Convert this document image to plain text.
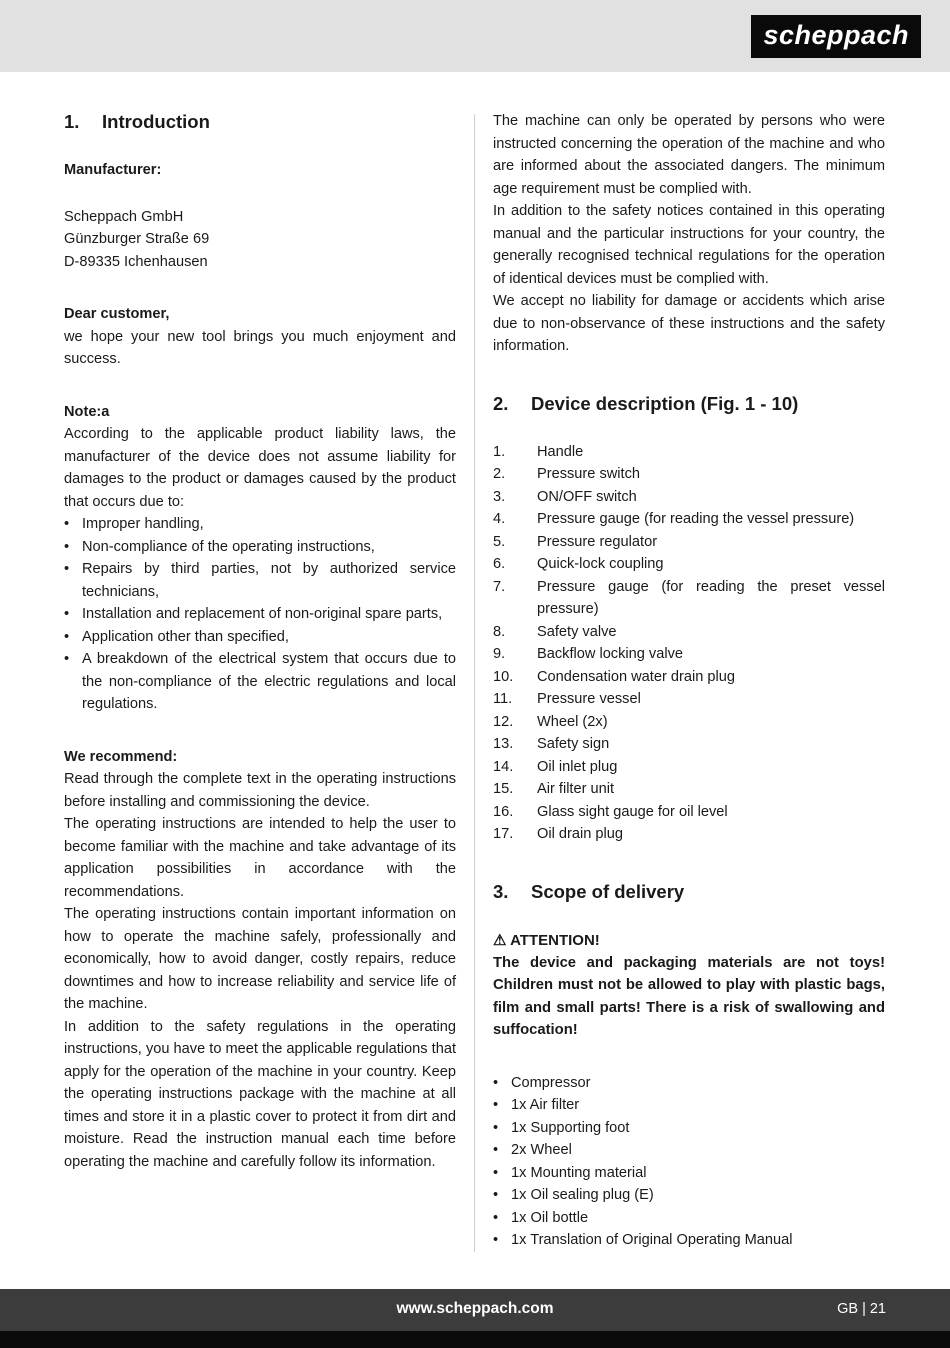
scheppach
1.	Introduction

Manufacturer:

Scheppach GmbH
Günzburger Straße 69
D-89335 Ichenhausen

Dear customer,

we hope your new tool brings you much enjoyment and success.

Note:a

According to the applicable product liability laws, the manufacturer of the device does not assume liability for damages to the product or damages caused by the product that occurs due to:

• Improper handling,
• Non-compliance of the operating instructions,
• Repairs by third parties, not by authorized service technicians,
• Installation and replacement of non-original spare parts,
• Application other than specified,
• A breakdown of the electrical system that occurs due to the non-compliance of the electric regulations and local regulations.

We recommend:

Read through the complete text in the operating instructions before installing and commissioning the device.

The operating instructions are intended to help the user to become familiar with the machine and take advantage of its application possibilities in accordance with the recommendations.

The operating instructions contain important information on how to operate the machine safely, professionally and economically, how to avoid danger, costly repairs, reduce downtimes and how to increase reliability and service life of the machine.

In addition to the safety regulations in the operating instructions, you have to meet the applicable regulations that apply for the operation of the machine in your country. Keep the operating instructions package with the machine at all times and store it in a plastic cover to protect it from dirt and moisture. Read the instruction manual each time before operating the machine and carefully follow its information.

The machine can only be operated by persons who were instructed concerning the operation of the machine and who are informed about the associated dangers. The minimum age requirement must be complied with.

In addition to the safety notices contained in this operating manual and the particular instructions for your country, the generally recognised technical regulations for the operation of identical devices must be complied with.

We accept no liability for damage or accidents which arise due to non-observance of these instructions and the safety information.

2.	Device description (Fig. 1 - 10)
1.	Handle
2.	Pressure switch
3.	ON/OFF switch
4.	Pressure gauge (for reading the vessel pressure)
5.	Pressure regulator
6.	Quick-lock coupling
7.	Pressure gauge (for reading the preset vessel pressure)
8.	Safety valve
9.	Backflow locking valve
10.	Condensation water drain plug
11.	Pressure vessel
12.	Wheel (2x)
13.	Safety sign
14.	Oil inlet plug
15.	Air filter unit
16.	Glass sight gauge for oil level
17.	Oil drain plug
3.	Scope of delivery

⚠ ATTENTION!

The device and packaging materials are not toys! Children must not be allowed to play with plastic bags, film and small parts! There is a risk of swallowing and suffocation!

• Compressor
• 1x Air filter
• 1x Supporting foot
• 2x Wheel
• 1x Mounting material
• 1x Oil sealing plug (E)
• 1x Oil bottle
• 1x Translation of Original Operating Manual
www.scheppach.com	GB | 21
